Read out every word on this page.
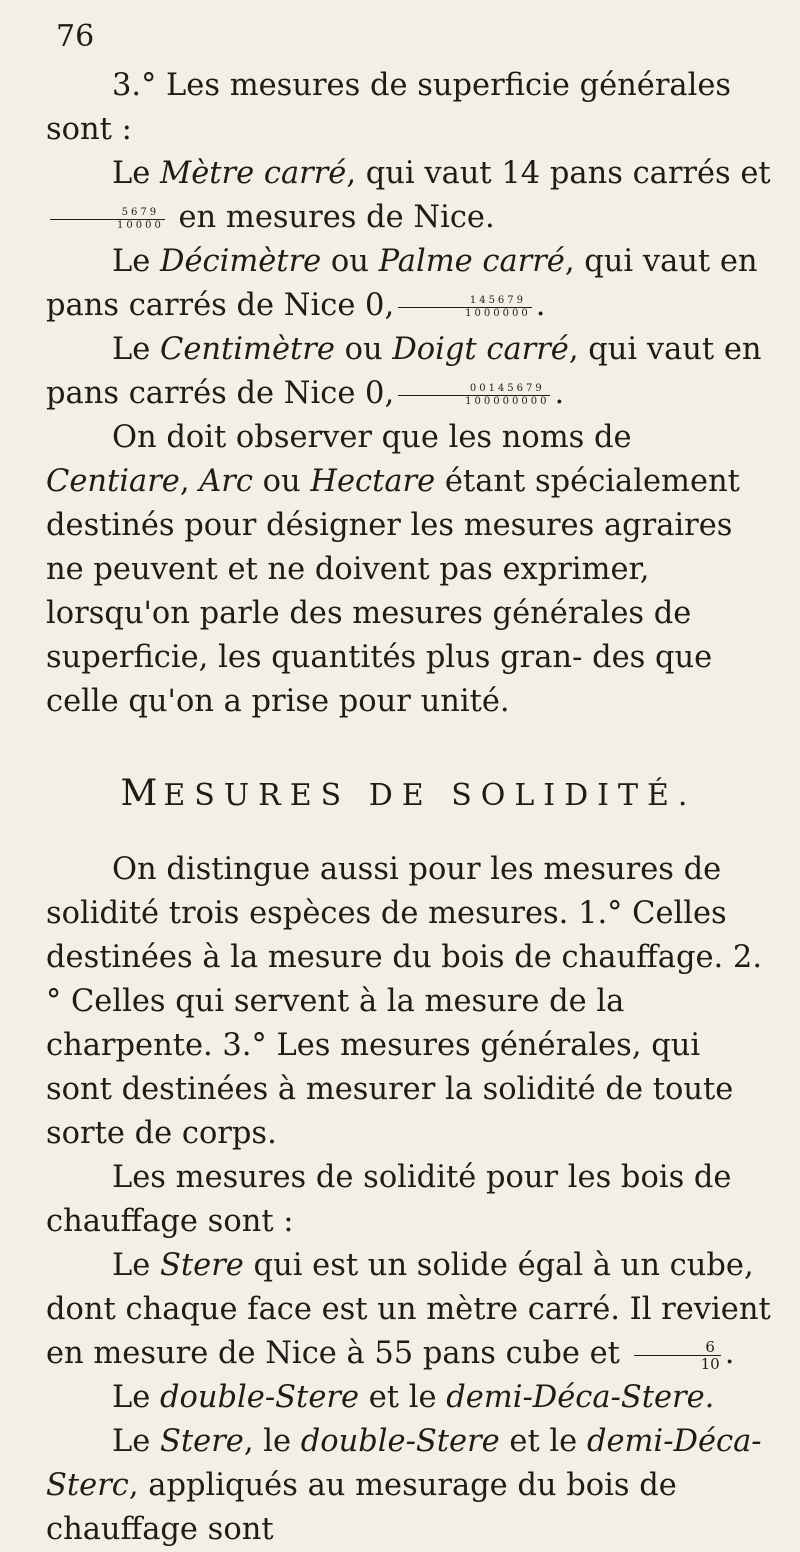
76

3.° Les mesures de superficie générales sont :

Le Mètre carré, qui vaut 14 pans carrés et

$\frac{5679}{10000}$ en mesures de Nice.

Le Décimètre ou Palme carré, qui vaut en
pans carrés de Nice 0, $\frac{145679}{1000000}$ .

Le Centimètre ou Doigt carré, qui vaut en
pans carrés de Nice 0, $\frac{00145679}{100000000}$ .

On doit observer que les noms de Centiare, Arc ou Hectare étant spécialement destinés pour désigner les mesures agraires ne peuvent et ne doivent pas exprimer, lorsqu'on parle des mesures générales de superficie, les quantités plus gran- des que celle qu'on a prise pour unité.

MESURES DE SOLIDITÉ.

On distingue aussi pour les mesures de solidité trois espèces de mesures. 1.° Celles destinées à la mesure du bois de chauffage. 2.° Celles qui servent à la mesure de la charpente. 3.° Les mesures générales, qui sont destinées à mesurer la solidité de toute sorte de corps.

Les mesures de solidité pour les bois de chauffage sont :

Le Stere qui est un solide égal à un cube, dont chaque face est un mètre carré. Il revient en mesure de Nice à 55 pans cube et $\frac{6}{10}$ .

Le double-Stere et le demi-Déca-Stere.

Le Stere, le double-Stere et le demi-Déca-Sterc, appliqués au mesurage du bois de chauffage sont
